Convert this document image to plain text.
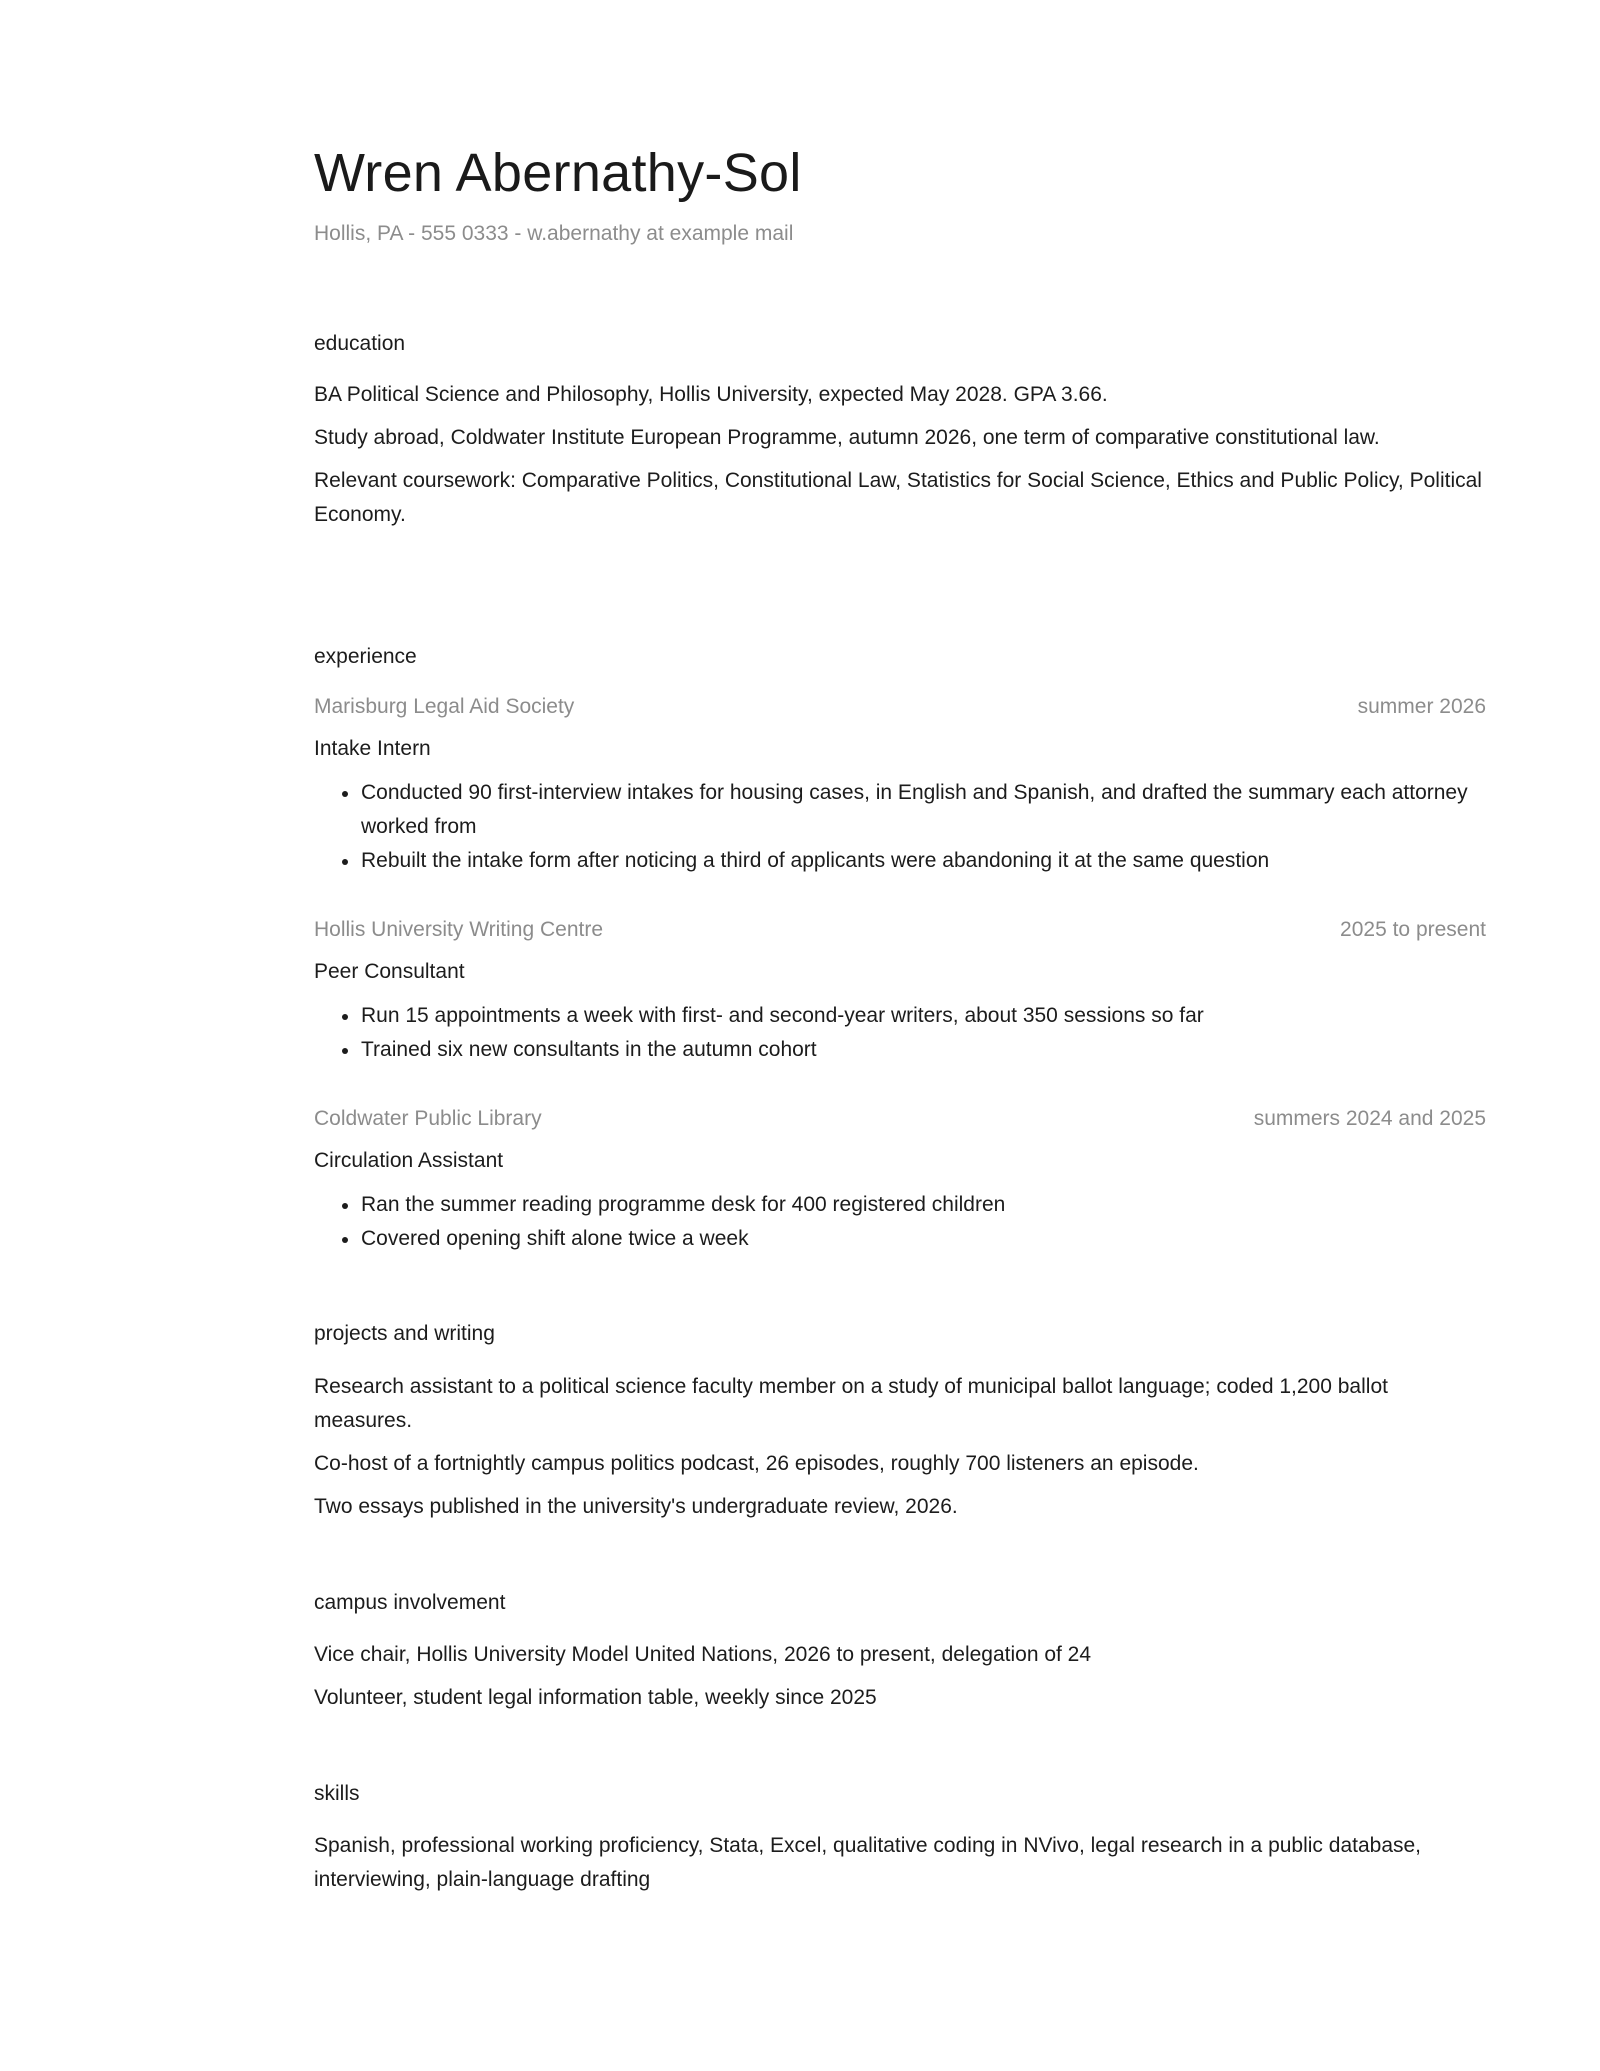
Wren Abernathy-Sol
Hollis, PA - 555 0333 - w.abernathy at example mail
education
BA Political Science and Philosophy, Hollis University, expected May 2028. GPA 3.66.
Study abroad, Coldwater Institute European Programme, autumn 2026, one term of comparative constitutional law.
Relevant coursework: Comparative Politics, Constitutional Law, Statistics for Social Science, Ethics and Public Policy, Political Economy.
experience
Marisburg Legal Aid Society	summer 2026
Intake Intern
Conducted 90 first-interview intakes for housing cases, in English and Spanish, and drafted the summary each attorney worked from
Rebuilt the intake form after noticing a third of applicants were abandoning it at the same question
Hollis University Writing Centre	2025 to present
Peer Consultant
Run 15 appointments a week with first- and second-year writers, about 350 sessions so far
Trained six new consultants in the autumn cohort
Coldwater Public Library	summers 2024 and 2025
Circulation Assistant
Ran the summer reading programme desk for 400 registered children
Covered opening shift alone twice a week
projects and writing
Research assistant to a political science faculty member on a study of municipal ballot language; coded 1,200 ballot measures.
Co-host of a fortnightly campus politics podcast, 26 episodes, roughly 700 listeners an episode.
Two essays published in the university's undergraduate review, 2026.
campus involvement
Vice chair, Hollis University Model United Nations, 2026 to present, delegation of 24
Volunteer, student legal information table, weekly since 2025
skills
Spanish, professional working proficiency, Stata, Excel, qualitative coding in NVivo, legal research in a public database, interviewing, plain-language drafting
